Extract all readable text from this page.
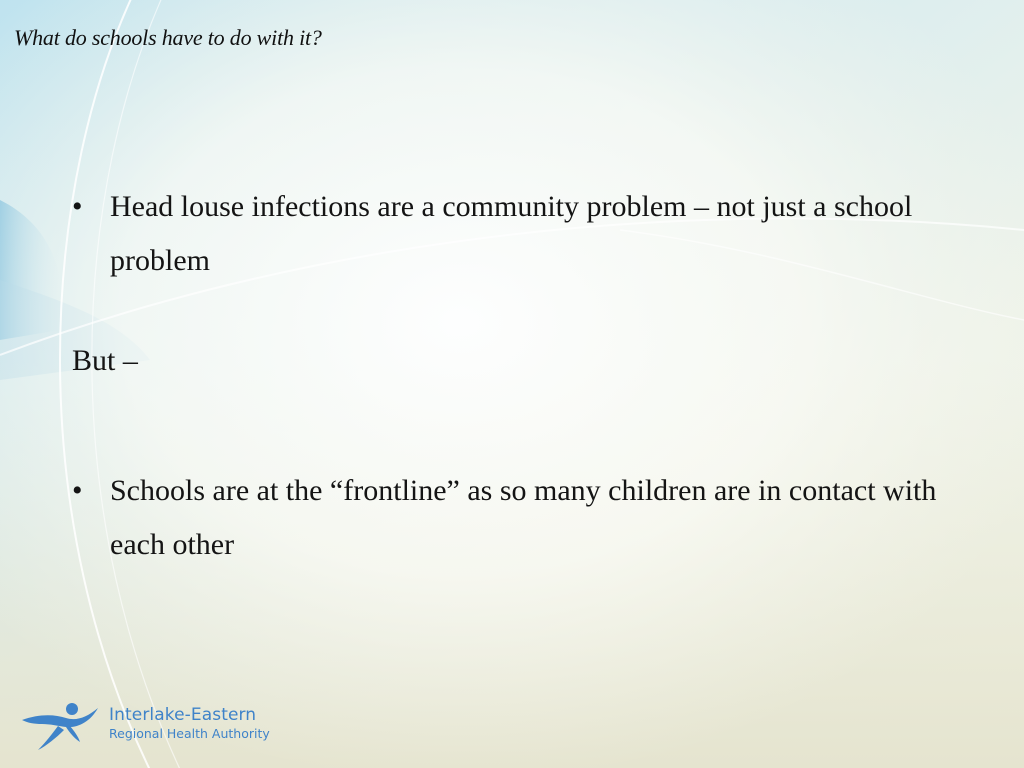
What do schools have to do with it?
• Head louse infections are a community problem – not just a school problem
But –
• Schools are at the “frontline” as so many children are in contact with each other
Interlake-Eastern
Regional Health Authority
